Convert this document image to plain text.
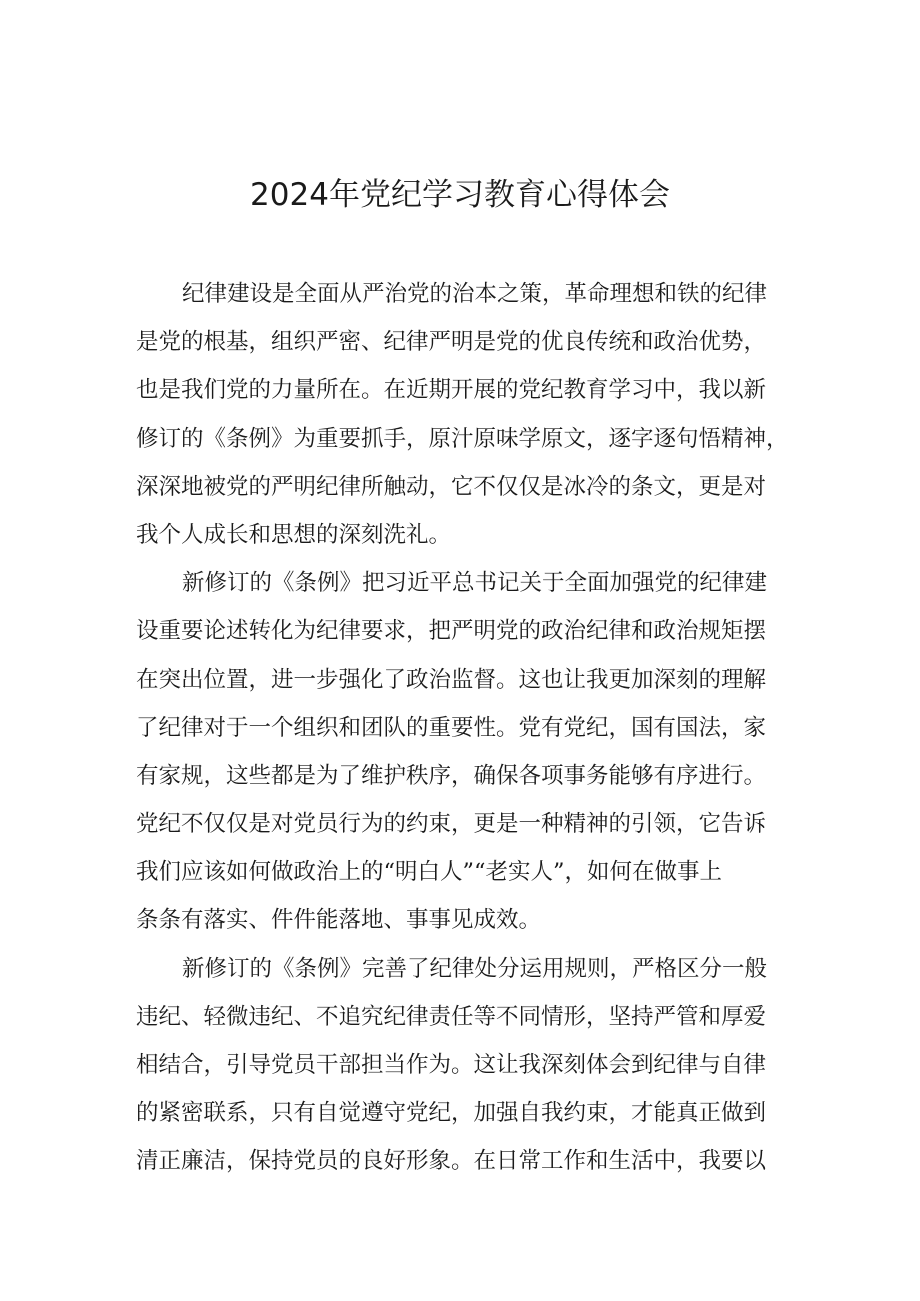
2024年党纪学习教育心得体会
纪律建设是全面从严治党的治本之策，革命理想和铁的纪律
是党的根基，组织严密、纪律严明是党的优良传统和政治优势，
也是我们党的力量所在。在近期开展的党纪教育学习中，我以新
修订的《条例》为重要抓手，原汁原味学原文，逐字逐句悟精神，
深深地被党的严明纪律所触动，它不仅仅是冰冷的条文，更是对
我个人成长和思想的深刻洗礼。
新修订的《条例》把习近平总书记关于全面加强党的纪律建
设重要论述转化为纪律要求，把严明党的政治纪律和政治规矩摆
在突出位置，进一步强化了政治监督。这也让我更加深刻的理解
了纪律对于一个组织和团队的重要性。党有党纪，国有国法，家
有家规，这些都是为了维护秩序，确保各项事务能够有序进行。
党纪不仅仅是对党员行为的约束，更是一种精神的引领，它告诉
我们应该如何做政治上的“明白人”“老实人”，如何在做事上
条条有落实、件件能落地、事事见成效。
新修订的《条例》完善了纪律处分运用规则，严格区分一般
违纪、轻微违纪、不追究纪律责任等不同情形，坚持严管和厚爱
相结合，引导党员干部担当作为。这让我深刻体会到纪律与自律
的紧密联系，只有自觉遵守党纪，加强自我约束，才能真正做到
清正廉洁，保持党员的良好形象。在日常工作和生活中，我要以
